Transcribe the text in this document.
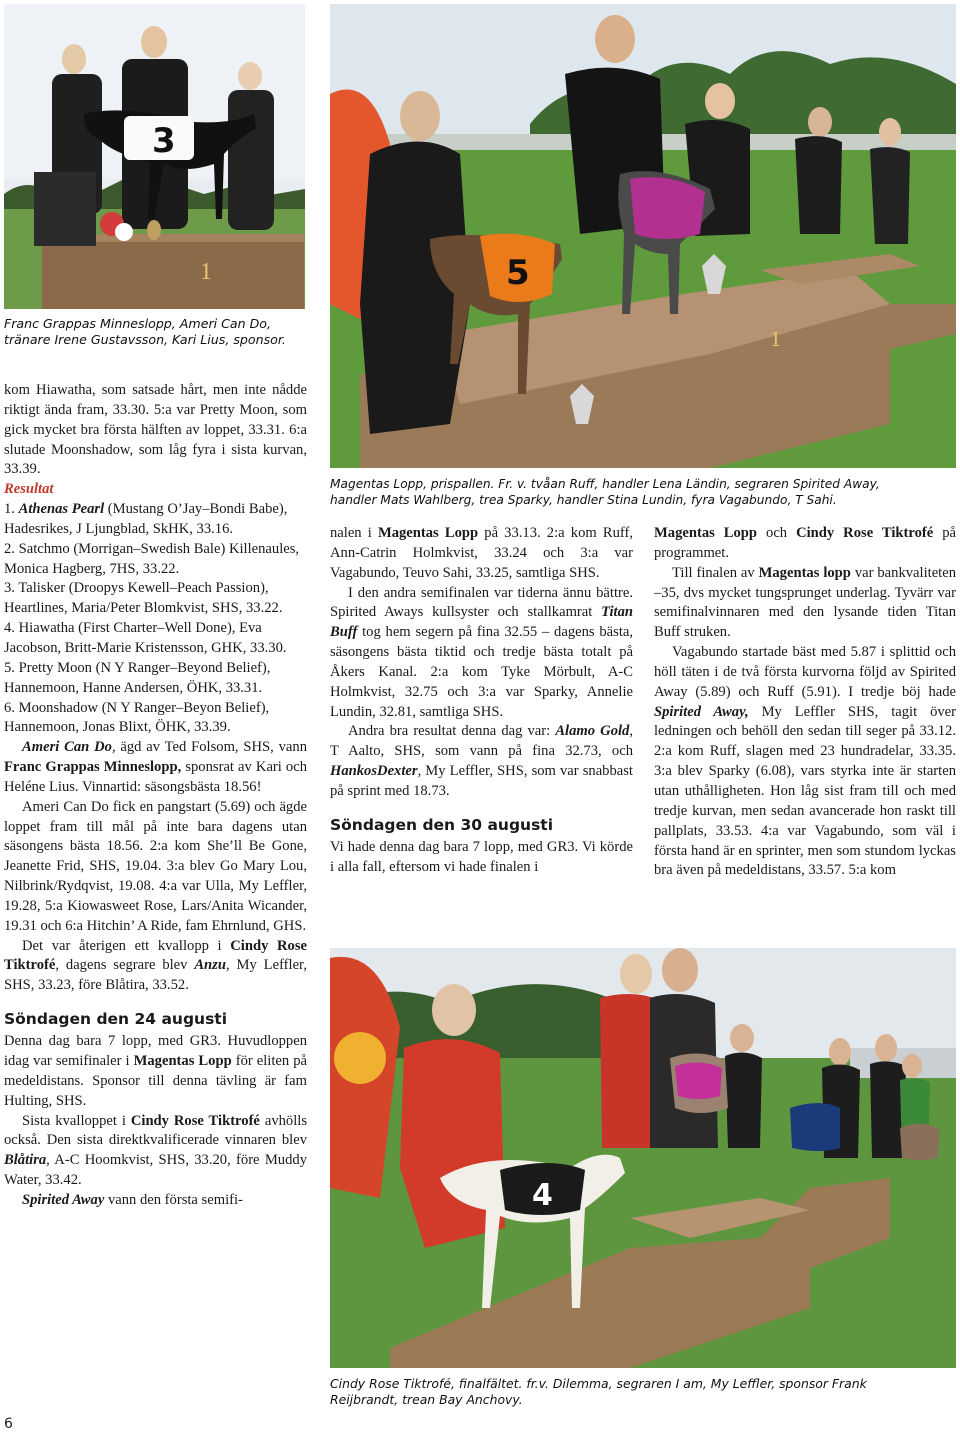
1
3
Franc Grappas Minneslopp, Ameri Can Do,
tränare Irene Gustavsson, Kari Lius, sponsor.	1
5
Magentas Lopp, prispallen. Fr. v. tvåan Ruff, handler Lena Ländin, segraren Spirited Away,
handler Mats Wahlberg, trea Sparky, handler Stina Lundin, fyra Vagabundo, T Sahi.
4
Cindy Rose Tiktrofé, finalfältet. fr.v. Dilemma, segraren I am, My Leffler, sponsor Frank
Reijbrandt, trean Bay Anchovy.

kom Hiawatha, som satsade hårt, men inte nådde riktigt ända fram, 33.30. 5:a var Pretty Moon, som gick mycket bra första hälften av loppet, 33.31. 6:a slutade Moonshadow, som låg fyra i sista kurvan, 33.39.

Resultat

1. Athenas Pearl (Mustang O’Jay–Bondi Babe), Hadesrikes, J Ljungblad, SkHK, 33.16.

2. Satchmo (Morrigan–Swedish Bale) Killenaules, Monica Hagberg, 7HS, 33.22.

3. Talisker (Droopys Kewell–Peach Passion), Heartlines, Maria/Peter Blomkvist, SHS, 33.22.

4. Hiawatha (First Charter–Well Done), Eva Jacobson, Britt-Marie Kristensson, GHK, 33.30.

5. Pretty Moon (N Y Ranger–Beyond Belief), Hannemoon, Hanne Andersen, ÖHK, 33.31.

6. Moonshadow (N Y Ranger–Beyon Belief), Hannemoon, Jonas Blixt, ÖHK, 33.39.

Ameri Can Do, ägd av Ted Folsom, SHS, vann Franc Grappas Minneslopp, sponsrat av Kari och Heléne Lius. Vinnartid: säsongsbästa 18.56!

Ameri Can Do fick en pangstart (5.69) och ägde loppet fram till mål på inte bara dagens utan säsongens bästa 18.56. 2:a kom She’ll Be Gone, Jeanette Frid, SHS, 19.04. 3:a blev Go Mary Lou, Nilbrink/Rydqvist, 19.08. 4:a var Ulla, My Leffler, 19.28, 5:a Kiowasweet Rose, Lars/Anita Wicander, 19.31 och 6:a Hitchin’ A Ride, fam Ehrnlund, GHS.

Det var återigen ett kvallopp i Cindy Rose Tiktrofé, dagens segrare blev Anzu, My Leffler, SHS, 33.23, före Blåtira, 33.52.

Söndagen den 24 augusti

Denna dag bara 7 lopp, med GR3. Huvudloppen idag var semifinaler i Magentas Lopp för eliten på medeldistans. Sponsor till denna tävling är fam Hulting, SHS.

Sista kvalloppet i Cindy Rose Tiktrofé avhölls också. Den sista direktkvalificerade vinnaren blev Blåtira, A-C Hoomkvist, SHS, 33.20, före Muddy Water, 33.42.

Spirited Away vann den första semifi-

nalen i Magentas Lopp på 33.13. 2:a kom Ruff, Ann-Catrin Holmkvist, 33.24 och 3:a var Vagabundo, Teuvo Sahi, 33.25, samtliga SHS.

I den andra semifinalen var tiderna ännu bättre. Spirited Aways kullsyster och stallkamrat Titan Buff tog hem segern på fina 32.55 – dagens bästa, säsongens bästa tiktid och tredje bästa totalt på Åkers Kanal. 2:a kom Tyke Mörbult, A-C Holmkvist, 32.75 och 3:a var Sparky, Annelie Lundin, 32.81, samtliga SHS.

Andra bra resultat denna dag var: Alamo Gold, T Aalto, SHS, som vann på fina 32.73, och HankosDexter, My Leffler, SHS, som var snabbast på sprint med 18.73.

Söndagen den 30 augusti

Vi hade denna dag bara 7 lopp, med GR3. Vi körde i alla fall, eftersom vi hade finalen i

Magentas Lopp och Cindy Rose Tiktrofé på programmet.

Till finalen av Magentas lopp var bankvaliteten –35, dvs mycket tungsprunget underlag. Tyvärr var semifinalvinnaren med den lysande tiden Titan Buff struken.

Vagabundo startade bäst med 5.87 i splittid och höll täten i de två första kurvorna följd av Spirited Away (5.89) och Ruff (5.91). I tredje böj hade Spirited Away, My Leffler SHS, tagit över ledningen och behöll den sedan till seger på 33.12. 2:a kom Ruff, slagen med 23 hundradelar, 33.35. 3:a blev Sparky (6.08), vars styrka inte är starten utan uthålligheten. Hon låg sist fram till och med tredje kurvan, men sedan avancerade hon raskt till pallplats, 33.53. 4:a var Vagabundo, som väl i första hand är en sprinter, men som stundom lyckas bra även på medeldistans, 33.57. 5:a kom

6
